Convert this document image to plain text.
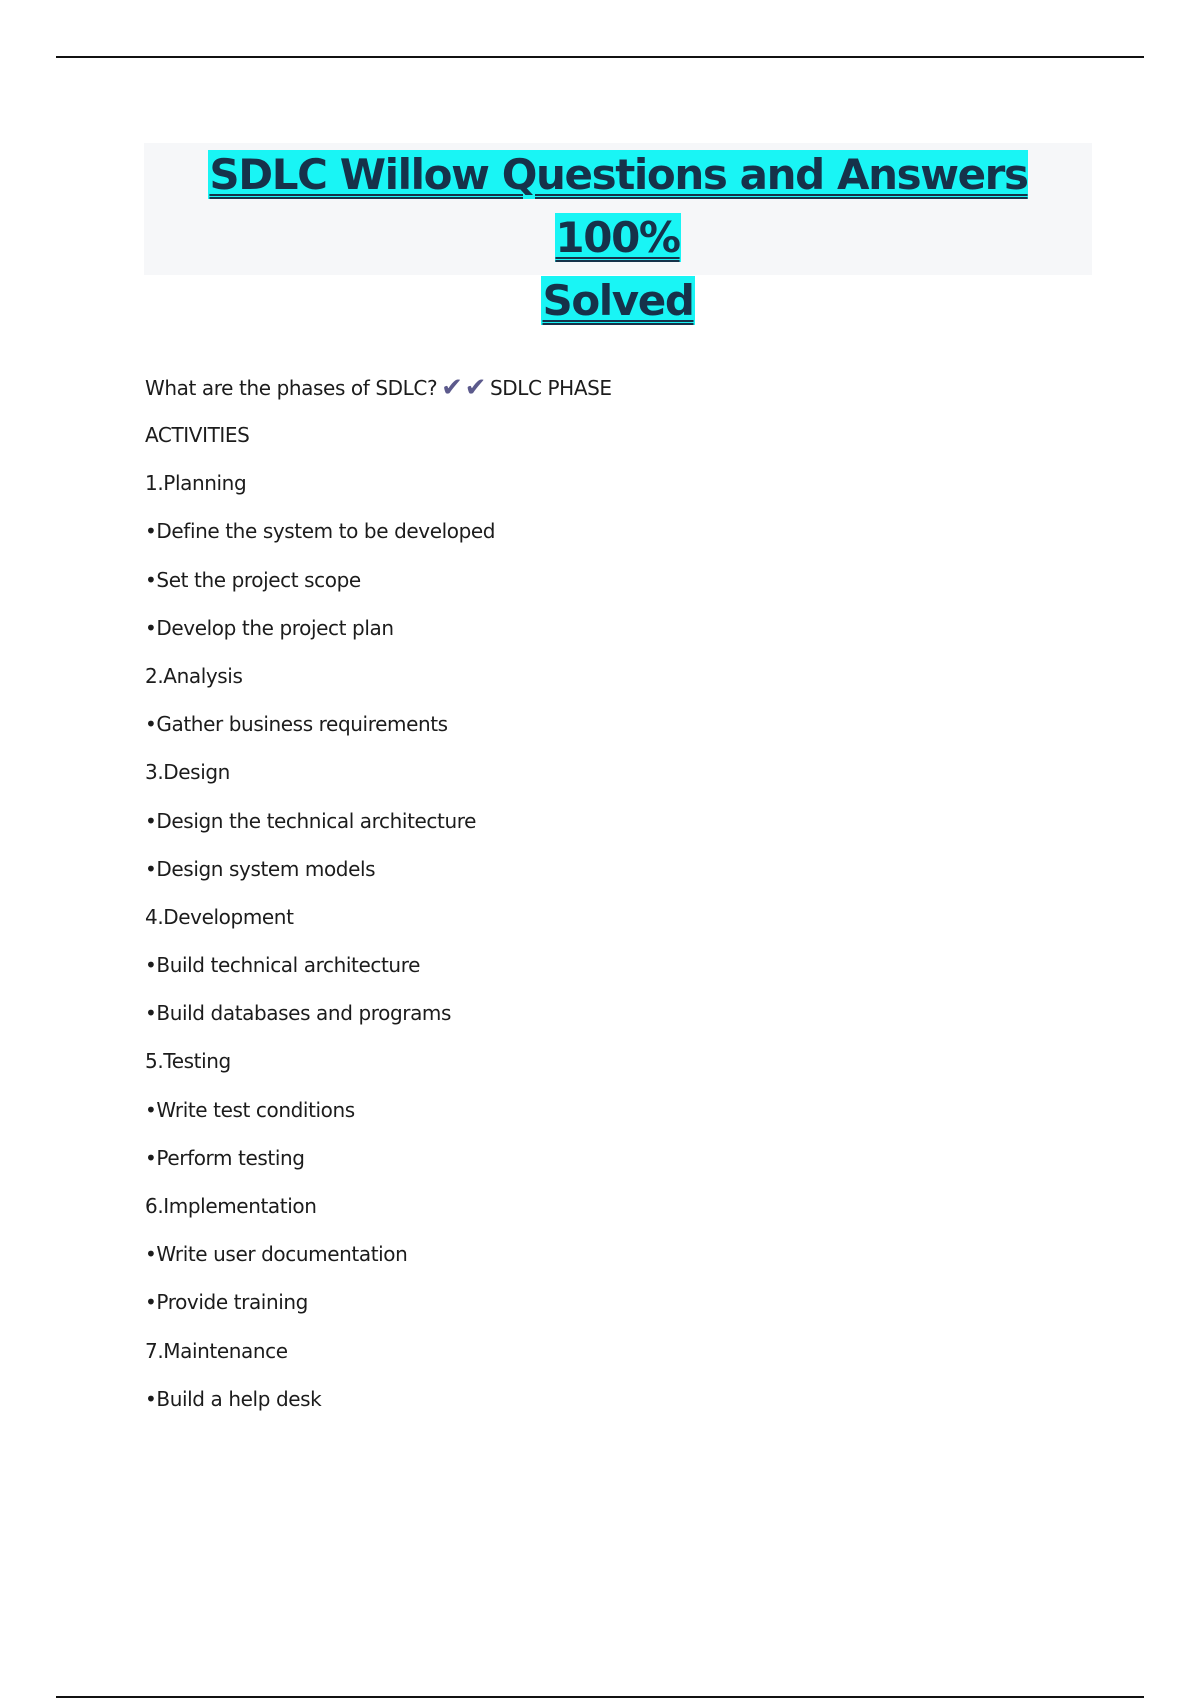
SDLC Willow Questions and Answers 100%
Solved
What are the phases of SDLC? ✔✔ SDLC PHASE
ACTIVITIES
1.Planning
•Define the system to be developed
•Set the project scope
•Develop the project plan
2.Analysis
•Gather business requirements
3.Design
•Design the technical architecture
•Design system models
4.Development
•Build technical architecture
•Build databases and programs
5.Testing
•Write test conditions
•Perform testing
6.Implementation
•Write user documentation
•Provide training
7.Maintenance
•Build a help desk
